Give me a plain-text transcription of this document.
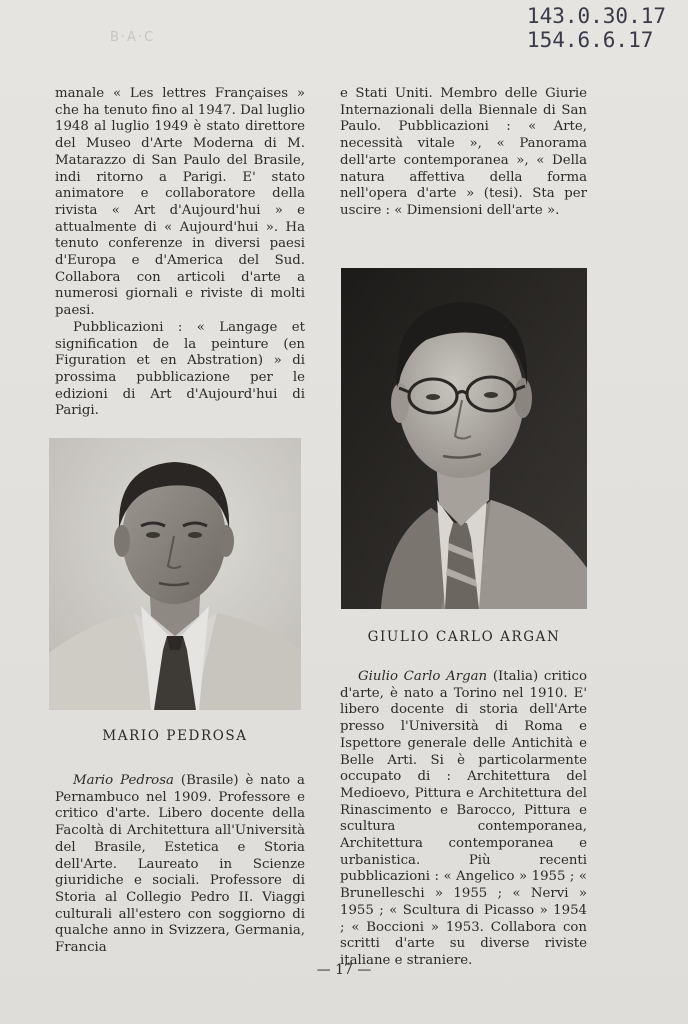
B·A·C
143.0.30.17
154.6.6.17

manale « Les lettres Françaises » che ha tenuto fino al 1947. Dal luglio 1948 al luglio 1949 è stato direttore del Museo d'Arte Moderna di M. Matarazzo di San Paulo del Brasile, indi ritorno a Parigi. E' stato animatore e collaboratore della rivista « Art d'Aujourd'hui » e attualmente di « Aujourd'hui ». Ha tenuto conferenze in diversi paesi d'Europa e d'America del Sud. Collabora con articoli d'arte a numerosi giornali e riviste di molti paesi.

Pubblicazioni : « Langage et signification de la peinture (en Figuration et en Abstration) » di prossima pubblicazione per le edizioni di Art d'Aujourd'hui di Parigi.

e Stati Uniti. Membro delle Giurie Internazionali della Biennale di San Paulo. Pubblicazioni : « Arte, necessità vitale », « Panorama dell'arte contemporanea », « Della natura affettiva della forma nell'opera d'arte » (tesi). Sta per uscire : « Dimensioni dell'arte ».

MARIO PEDROSA
GIULIO CARLO ARGAN

Mario Pedrosa (Brasile) è nato a Pernambuco nel 1909. Professore e critico d'arte. Libero docente della Facoltà di Architettura all'Università del Brasile, Estetica e Storia dell'Arte. Laureato in Scienze giuridiche e sociali. Professore di Storia al Collegio Pedro II. Viaggi culturali all'estero con soggiorno di qualche anno in Svizzera, Germania, Francia

Giulio Carlo Argan (Italia) critico d'arte, è nato a Torino nel 1910. E' libero docente di storia dell'Arte presso l'Università di Roma e Ispettore generale delle Antichità e Belle Arti. Si è particolarmente occupato di : Architettura del Medioevo, Pittura e Architettura del Rinascimento e Barocco, Pittura e scultura contemporanea, Architettura contemporanea e urbanistica. Più recenti pubblicazioni : « Angelico » 1955 ; « Brunelleschi » 1955 ; « Nervi » 1955 ; « Scultura di Picasso » 1954 ; « Boccioni » 1953. Collabora con scritti d'arte su diverse riviste italiane e straniere.

— 17 —
